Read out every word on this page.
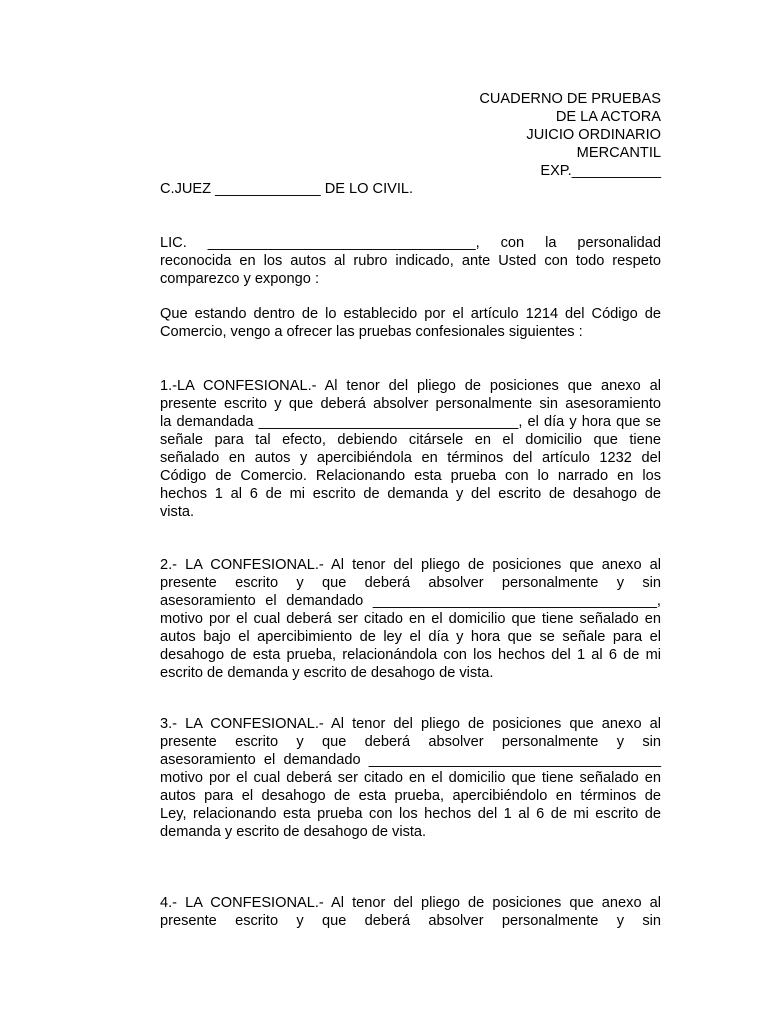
CUADERNO DE PRUEBAS
DE LA ACTORA
JUICIO ORDINARIO
MERCANTIL
EXP.___________
C.JUEZ _____________ DE LO CIVIL.
LIC. _________________________________, con la personalidad
reconocida en los autos al rubro indicado, ante Usted con todo respeto
comparezco y expongo :
Que estando dentro de lo establecido por el artículo 1214 del Código de
Comercio, vengo a ofrecer las pruebas confesionales siguientes :
1.-LA CONFESIONAL.- Al tenor del pliego de posiciones que anexo al
presente escrito y que deberá absolver personalmente sin asesoramiento
la demandada ________________________________, el día y hora que se
señale para tal efecto, debiendo citársele en el domicilio que tiene
señalado en autos y apercibiéndola en términos del artículo 1232 del
Código de Comercio. Relacionando esta prueba con lo narrado en los
hechos 1 al 6 de mi escrito de demanda y del escrito de desahogo de
vista.
2.- LA CONFESIONAL.- Al tenor del pliego de posiciones que anexo al
presente escrito y que deberá absolver personalmente y sin
asesoramiento el demandado ___________________________________,
motivo por el cual deberá ser citado en el domicilio que tiene señalado en
autos bajo el apercibimiento de ley el día y hora que se señale para el
desahogo de esta prueba, relacionándola con los hechos del 1 al 6 de mi
escrito de demanda y escrito de desahogo de vista.
3.- LA CONFESIONAL.- Al tenor del pliego de posiciones que anexo al
presente escrito y que deberá absolver personalmente y sin
asesoramiento el demandado ____________________________________
motivo por el cual deberá ser citado en el domicilio que tiene señalado en
autos para el desahogo de esta prueba, apercibiéndolo en términos de
Ley, relacionando esta prueba con los hechos del 1 al 6 de mi escrito de
demanda y escrito de desahogo de vista.
4.- LA CONFESIONAL.- Al tenor del pliego de posiciones que anexo al
presente escrito y que deberá absolver personalmente y sin
